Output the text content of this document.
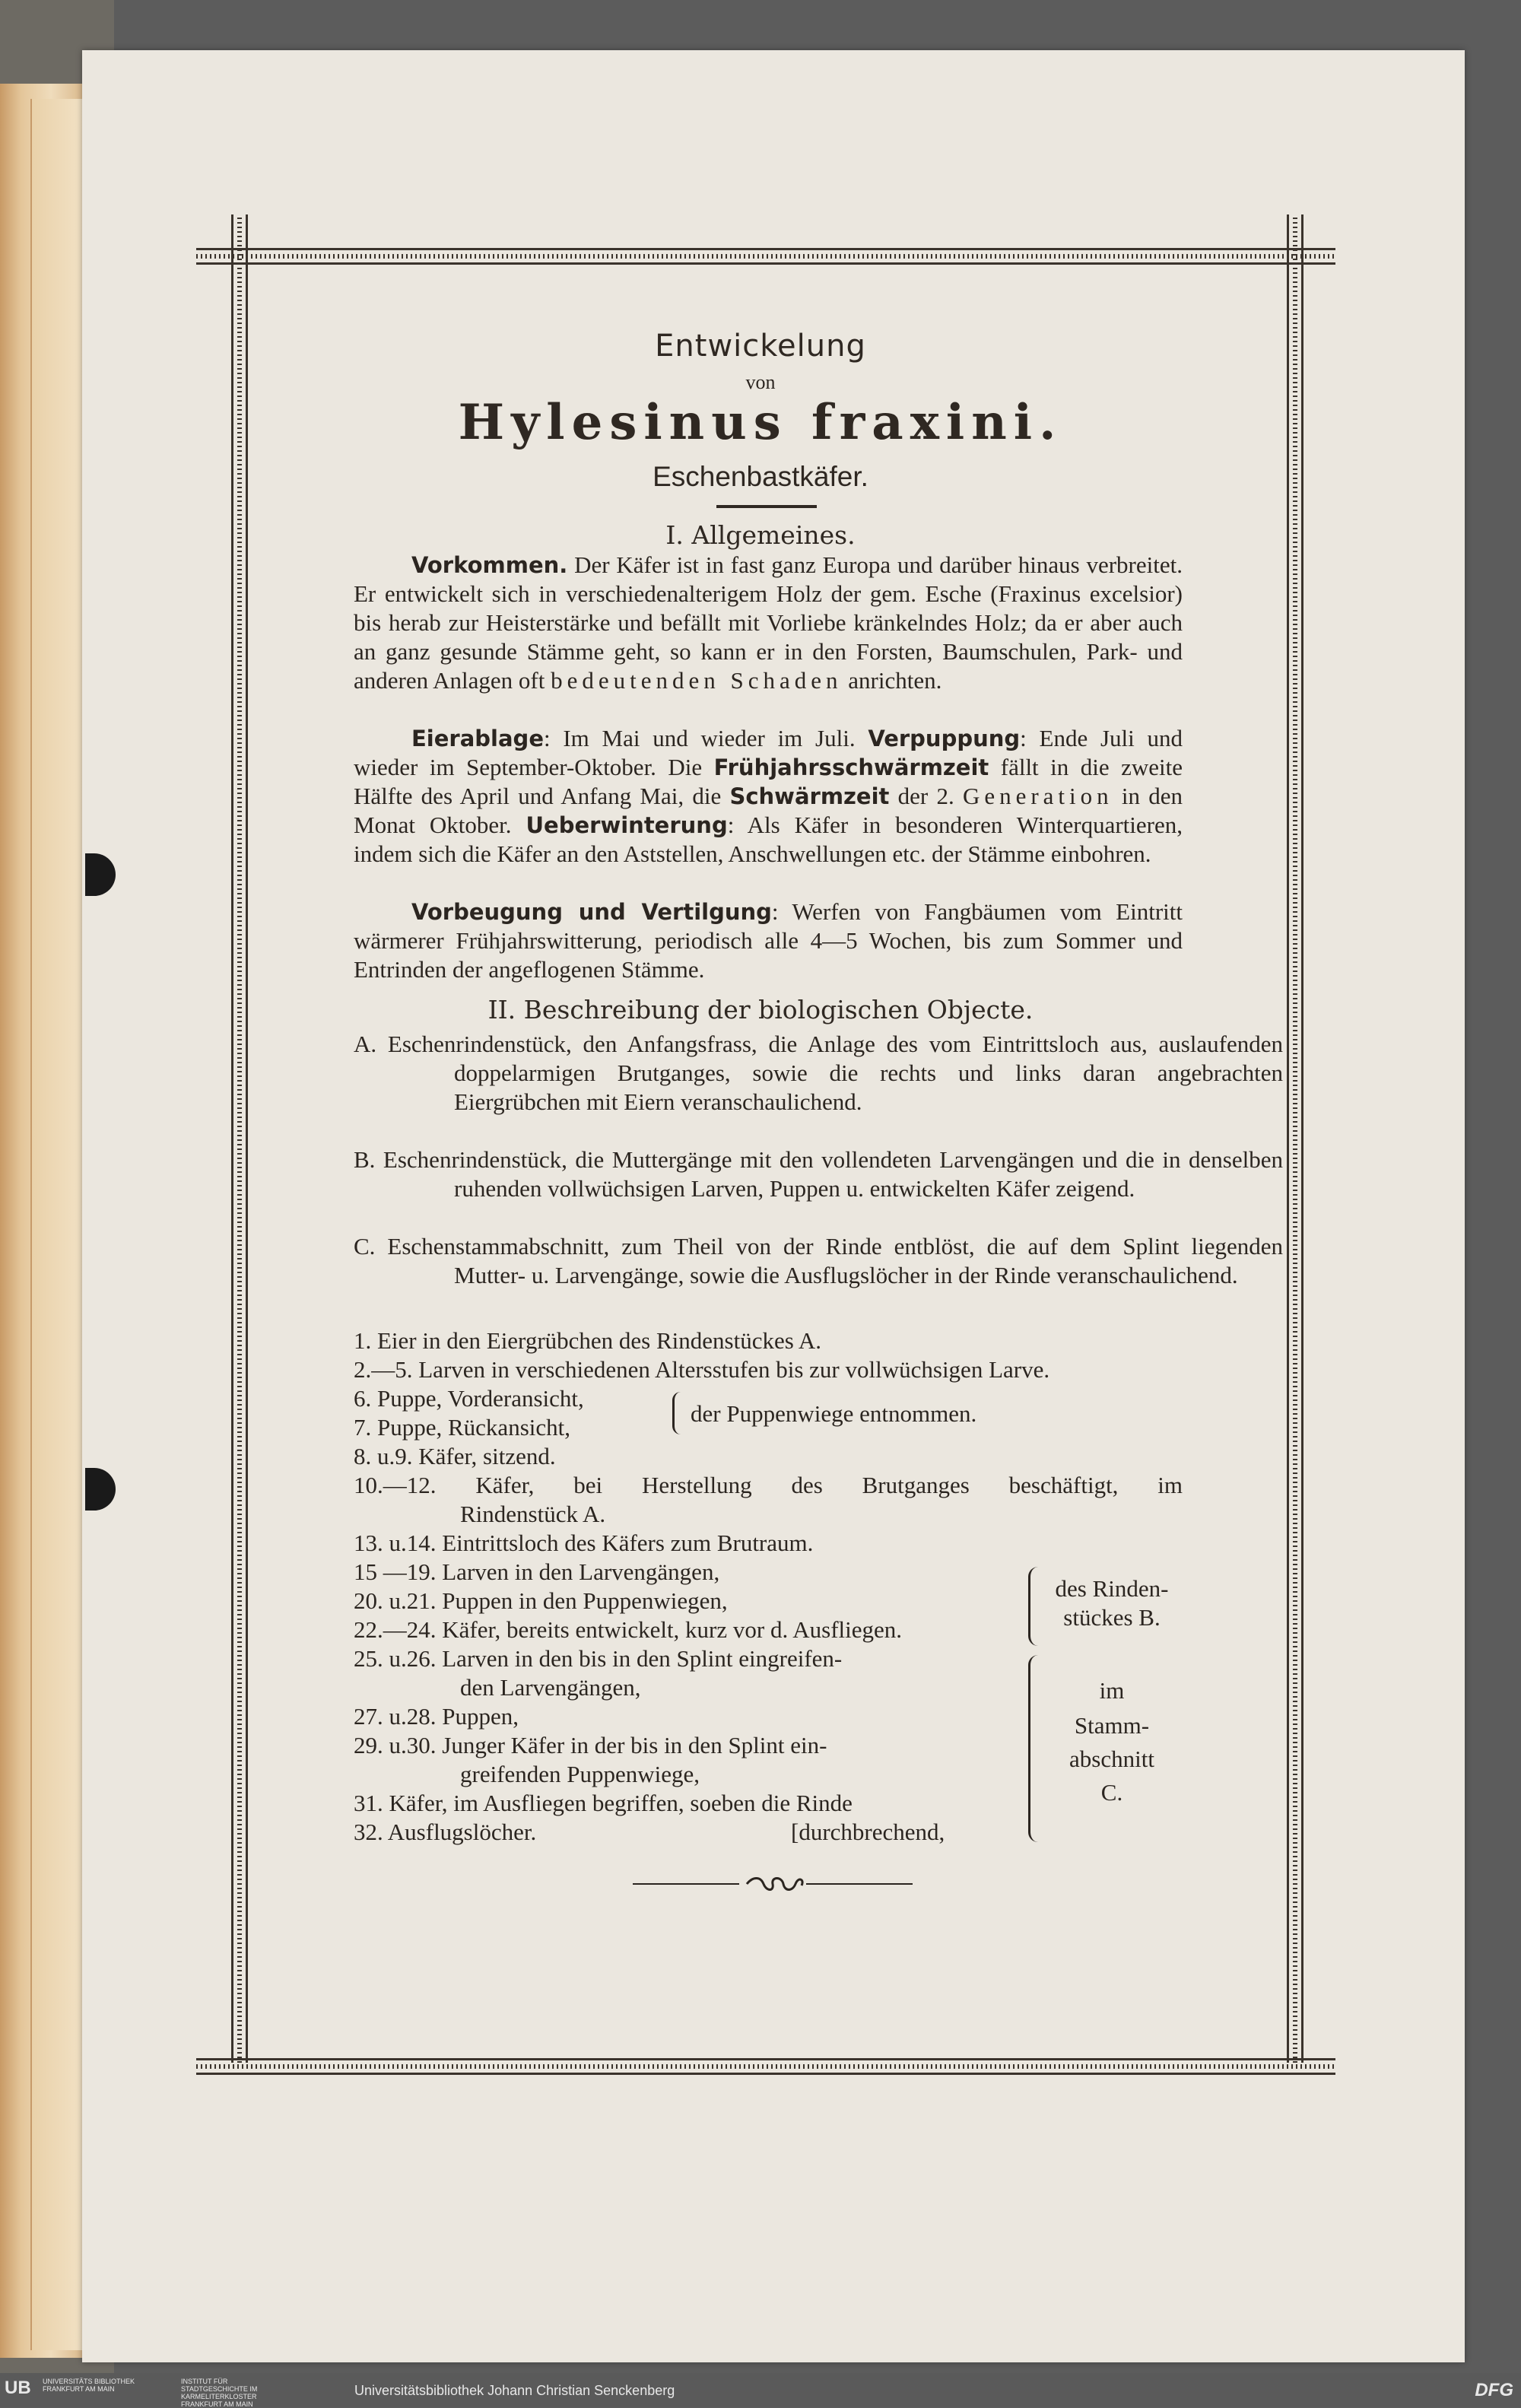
Entwickelung
von
Hylesinus fraxini.
Eschenbastkäfer.
I. Allgemeines.
Vorkommen. Der Käfer ist in fast ganz Europa und darüber hinaus verbreitet. Er entwickelt sich in verschiedenalterigem Holz der gem. Esche (Fraxinus excelsior) bis herab zur Heisterstärke und befällt mit Vorliebe kränkelndes Holz; da er aber auch an ganz gesunde Stämme geht, so kann er in den Forsten, Baumschulen, Park- und anderen Anlagen oft bedeutenden Schaden anrichten.
Eierablage: Im Mai und wieder im Juli. Verpuppung: Ende Juli und wieder im September-Oktober. Die Frühjahrsschwärmzeit fällt in die zweite Hälfte des April und Anfang Mai, die Schwärmzeit der 2. Generation in den Monat Oktober. Ueberwinterung: Als Käfer in besonderen Winterquartieren, indem sich die Käfer an den Aststellen, Anschwellungen etc. der Stämme einbohren.
Vorbeugung und Vertilgung: Werfen von Fangbäumen vom Eintritt wärmerer Frühjahrswitterung, periodisch alle 4—5 Wochen, bis zum Sommer und Entrinden der angeflogenen Stämme.
II. Beschreibung der biologischen Objecte.
A. Eschenrindenstück, den Anfangsfrass, die Anlage des vom Eintrittsloch aus, auslaufenden doppelarmigen Brutganges, sowie die rechts und links daran angebrachten Eiergrübchen mit Eiern veranschaulichend.
B. Eschenrindenstück, die Muttergänge mit den vollendeten Larvengängen und die in denselben ruhenden vollwüchsigen Larven, Puppen u. entwickelten Käfer zeigend.
C. Eschenstammabschnitt, zum Theil von der Rinde entblöst, die auf dem Splint liegenden Mutter- u. Larvengänge, sowie die Ausflugslöcher in der Rinde veranschaulichend.
1. Eier in den Eiergrübchen des Rindenstückes A.
2.—5. Larven in verschiedenen Altersstufen bis zur vollwüchsigen Larve.
6. Puppe, Vorderansicht,
7. Puppe, Rückansicht,
der Puppenwiege entnommen.
8. u.9. Käfer, sitzend.
10.—12. Käfer, bei Herstellung des Brutganges beschäftigt, im
Rindenstück A.
13. u.14. Eintrittsloch des Käfers zum Brutraum.
15 —19. Larven in den Larvengängen,
20. u.21. Puppen in den Puppenwiegen,
22.—24. Käfer, bereits entwickelt, kurz vor d. Ausfliegen.
des Rinden-
stückes B.
25. u.26. Larven in den bis in den Splint eingreifen-
den Larvengängen,
27. u.28. Puppen,
29. u.30. Junger Käfer in der bis in den Splint ein-
greifenden Puppenwiege,
31. Käfer, im Ausfliegen begriffen, soeben die Rinde
32. Ausflugslöcher.	[durchbrechend,
im
Stamm-
abschnitt
C.
UB UNIVERSITÄTS BIBLIOTHEK FRANKFURT AM MAIN
INSTITUT FÜR STADTGESCHICHTE IM KARMELITERKLOSTER FRANKFURT AM MAIN
Universitätsbibliothek Johann Christian Senckenberg	DFG
